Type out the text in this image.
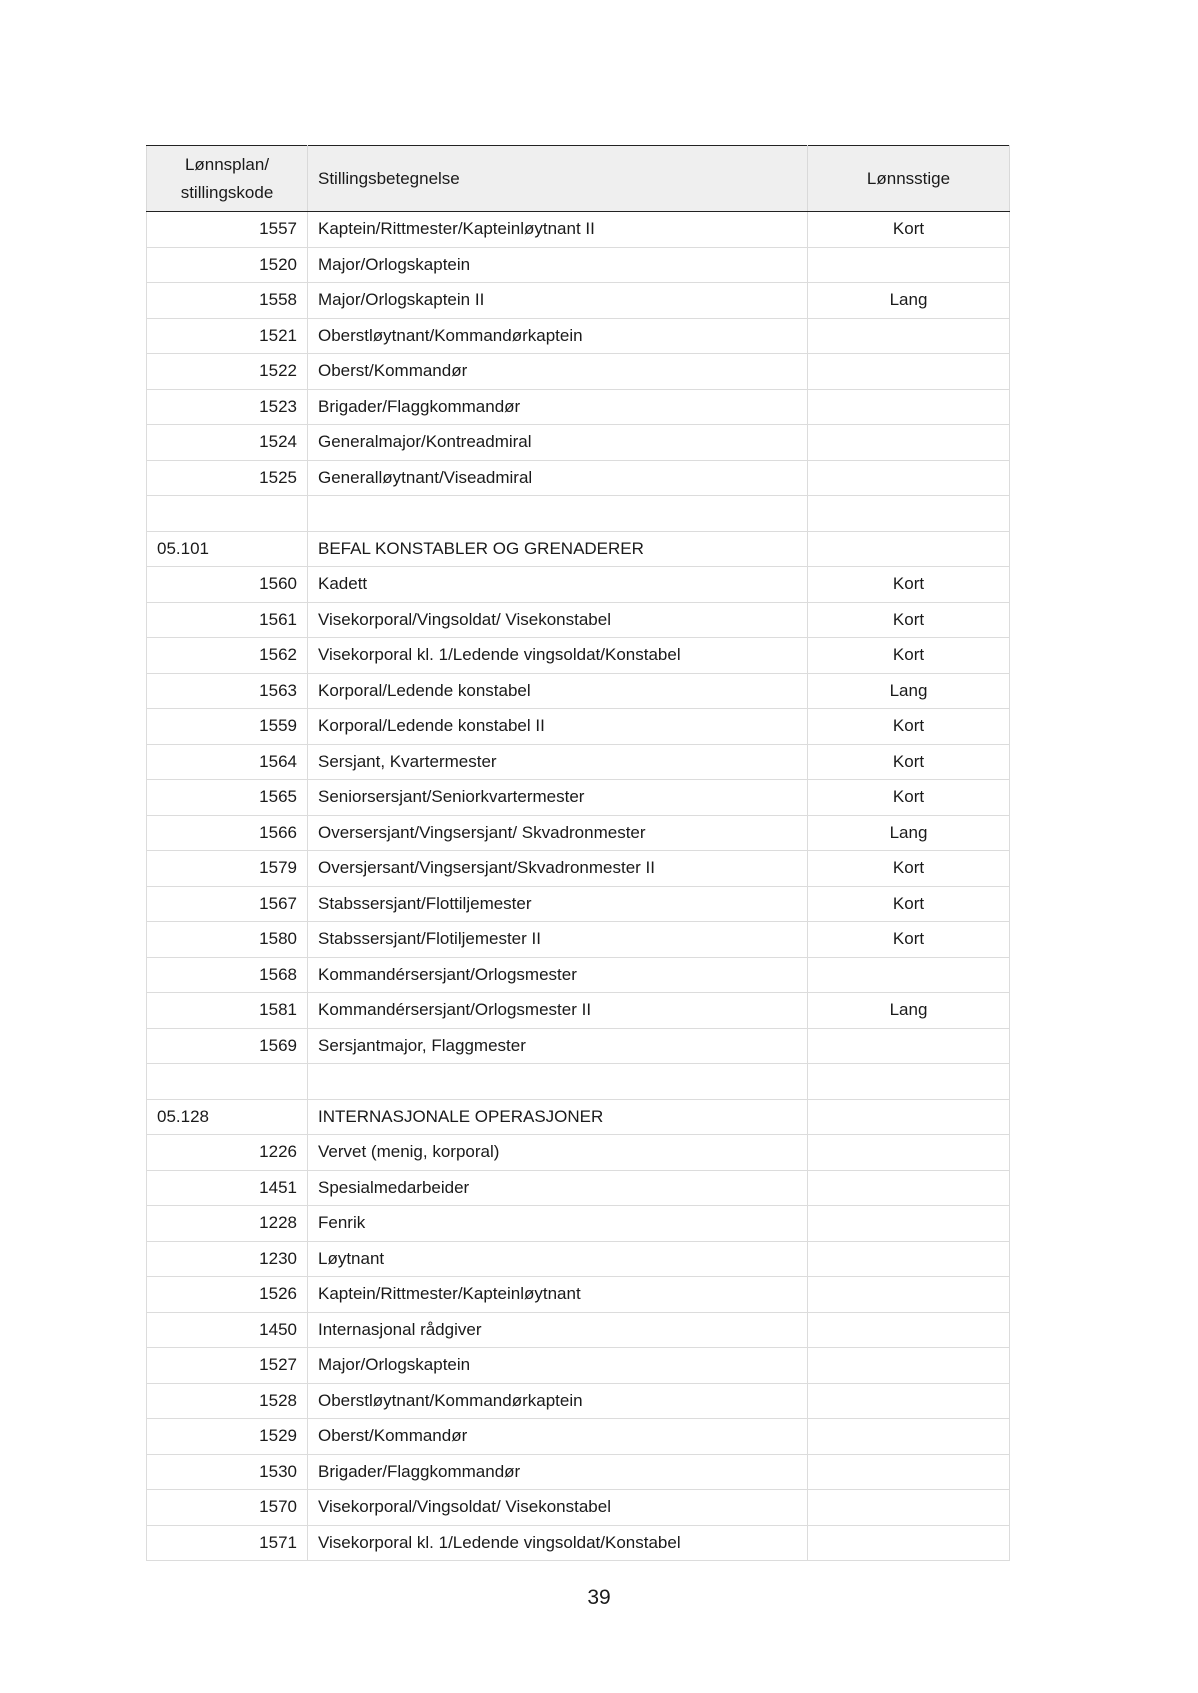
Lønnsplan/
stillingskode	Stillingsbetegnelse	Lønnsstige
1557	Kaptein/Rittmester/Kapteinløytnant II	Kort
1520	Major/Orlogskaptein	
1558	Major/Orlogskaptein II	Lang
1521	Oberstløytnant/Kommandørkaptein	
1522	Oberst/Kommandør	
1523	Brigader/Flaggkommandør	
1524	Generalmajor/Kontreadmiral	
1525	Generalløytnant/Viseadmiral	

05.101	BEFAL KONSTABLER OG GRENADERER	
1560	Kadett	Kort
1561	Visekorporal/Vingsoldat/ Visekonstabel	Kort
1562	Visekorporal kl. 1/Ledende vingsoldat/Konstabel	Kort
1563	Korporal/Ledende konstabel	Lang
1559	Korporal/Ledende konstabel II	Kort
1564	Sersjant, Kvartermester	Kort
1565	Seniorsersjant/Seniorkvartermester	Kort
1566	Oversersjant/Vingsersjant/ Skvadronmester	Lang
1579	Oversjersant/Vingsersjant/Skvadronmester II	Kort
1567	Stabssersjant/Flottiljemester	Kort
1580	Stabssersjant/Flotiljemester II	Kort
1568	Kommandérsersjant/Orlogsmester	
1581	Kommandérsersjant/Orlogsmester II	Lang
1569	Sersjantmajor, Flaggmester	

05.128	INTERNASJONALE OPERASJONER	
1226	Vervet (menig, korporal)	
1451	Spesialmedarbeider	
1228	Fenrik	
1230	Løytnant	
1526	Kaptein/Rittmester/Kapteinløytnant	
1450	Internasjonal rådgiver	
1527	Major/Orlogskaptein	
1528	Oberstløytnant/Kommandørkaptein	
1529	Oberst/Kommandør	
1530	Brigader/Flaggkommandør	
1570	Visekorporal/Vingsoldat/ Visekonstabel	
1571	Visekorporal kl. 1/Ledende vingsoldat/Konstabel	
39
